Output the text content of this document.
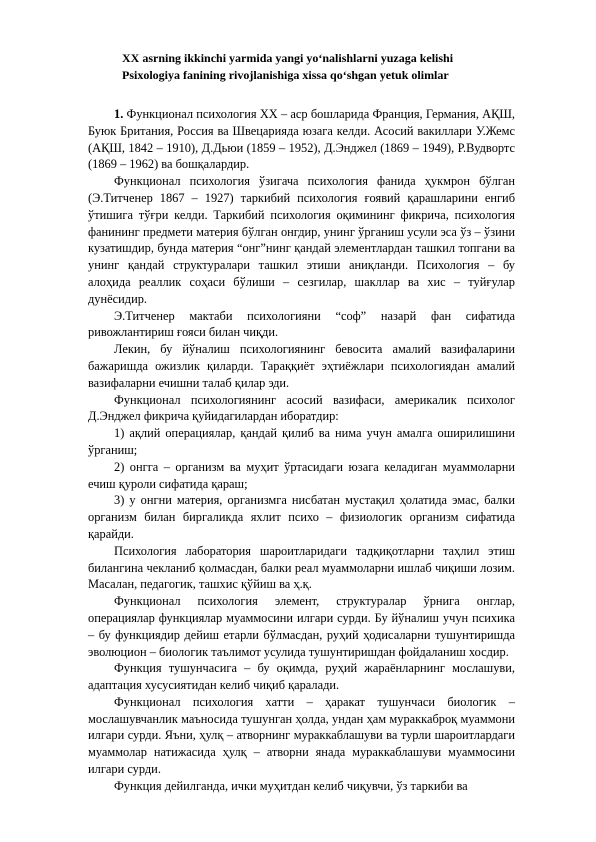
XX asrning ikkinchi yarmida yangi yo‘nalishlarni yuzaga kelishi
Psixologiya fanining rivojlanishiga xissa qo‘shgan yetuk olimlar

1. Функционал психология ХХ – аср бошларида Франция, Германия, АҚШ, Буюк Британия, Россия ва Швецарияда юзага келди. Асосий вакиллари У.Жемс (АҚШ, 1842 – 1910), Д.Дьюи (1859 – 1952), Д.Энджел (1869 – 1949), Р.Вудвортс (1869 – 1962) ва бошқалардир.

Функционал психология ўзигача психология фанида ҳукмрон бўлган (Э.Титченер 1867 – 1927) таркибий психология ғоявий қарашларини енгиб ўтишига тўғри келди. Таркибий психология оқимининг фикрича, психология фанининг предмети материя бўлган онгдир, унинг ўрганиш усули эса ўз – ўзини кузатишдир, бунда материя “онг”нинг қандай элементлардан ташкил топгани ва унинг қандай структуралари ташкил этиши аниқланди. Психология – бу алоҳида реаллик соҳаси бўлиши – сезгилар, шакллар ва хис – туйғулар дунёсидир.

Э.Титченер мактаби психологияни “соф” назарй фан сифатида ривожлантириш ғояси билан чиқди.

Лекин, бу йўналиш психологиянинг бевосита амалий вазифаларини бажаришда ожизлик қиларди. Тараққиёт эҳтиёжлари психологиядан амалий вазифаларни ечишни талаб қилар эди.

Функционал психологиянинг асосий вазифаси, америкалик психолог Д.Энджел фикрича қуйидагилардан иборатдир:

1) ақлий операциялар, қандай қилиб ва нима учун амалга оширилишини ўрганиш;

2) онгга – организм ва муҳит ўртасидаги юзага келадиган муаммоларни ечиш қуроли сифатида қараш;

3) у онгни материя, организмга нисбатан мустақил ҳолатида эмас, балки организм билан биргаликда яхлит психо – физиологик организм сифатида қарайди.

Психология лаборатория шароитларидаги тадқиқотларни таҳлил этиш билангина чекланиб қолмасдан, балки реал муаммоларни ишлаб чиқиши лозим. Масалан, педагогик, ташхис қўйиш ва ҳ.қ.

Функционал психология элемент, структуралар ўрнига онглар, операциялар функциялар муаммосини илгари сурди. Бу йўналиш учун психика – бу функциядир дейиш етарли бўлмасдан, руҳий ҳодисаларни тушунтиришда эволюцион – биологик таълимот усулида тушунтиришдан фойдаланиш хосдир.

Функция тушунчасига – бу оқимда, руҳий жараёнларнинг мослашуви, адаптация хусусиятидан келиб чиқиб қаралади.

Функционал психология хатти – ҳаракат тушунчаси биологик – мослашувчанлик маъносида тушунган ҳолда, ундан ҳам мураккаброқ муаммони илгари сурди. Яъни, ҳулқ – атворнинг мураккаблашуви ва турли шароитлардаги муаммолар натижасида ҳулқ – атворни янада мураккаблашуви муаммосини илгари сурди.

Функция дейилганда, ички муҳитдан келиб чиқувчи, ўз таркиби ва
